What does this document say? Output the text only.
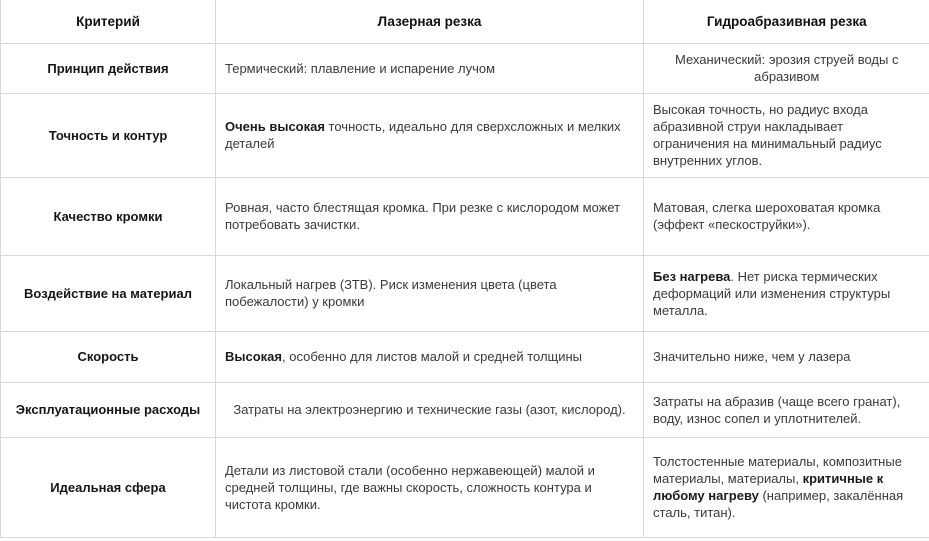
Критерий	Лазерная резка	Гидроабразивная резка
Принцип действия	Термический: плавление и испарение лучом	Механический: эрозия струей воды с абразивом
Точность и контур	Очень высокая точность, идеально для сверхсложных и мелких деталей	Высокая точность, но радиус входа абразивной струи накладывает ограничения на минимальный радиус внутренних углов.
Качество кромки	Ровная, часто блестящая кромка. При резке с кислородом может потребовать зачистки.	Матовая, слегка шероховатая кромка (эффект «пескоструйки»).
Воздействие на материал	Локальный нагрев (ЗТВ). Риск изменения цвета (цвета побежалости) у кромки	Без нагрева. Нет риска термических деформаций или изменения структуры металла.
Скорость	Высокая, особенно для листов малой и средней толщины	Значительно ниже, чем у лазера
Эксплуатационные расходы	Затраты на электроэнергию и технические газы (азот, кислород).	Затраты на абразив (чаще всего гранат), воду, износ сопел и уплотнителей.
Идеальная сфера	Детали из листовой стали (особенно нержавеющей) малой и средней толщины, где важны скорость, сложность контура и чистота кромки.	Толстостенные материалы, композитные материалы, материалы, критичные к любому нагреву (например, закалённая сталь, титан).
